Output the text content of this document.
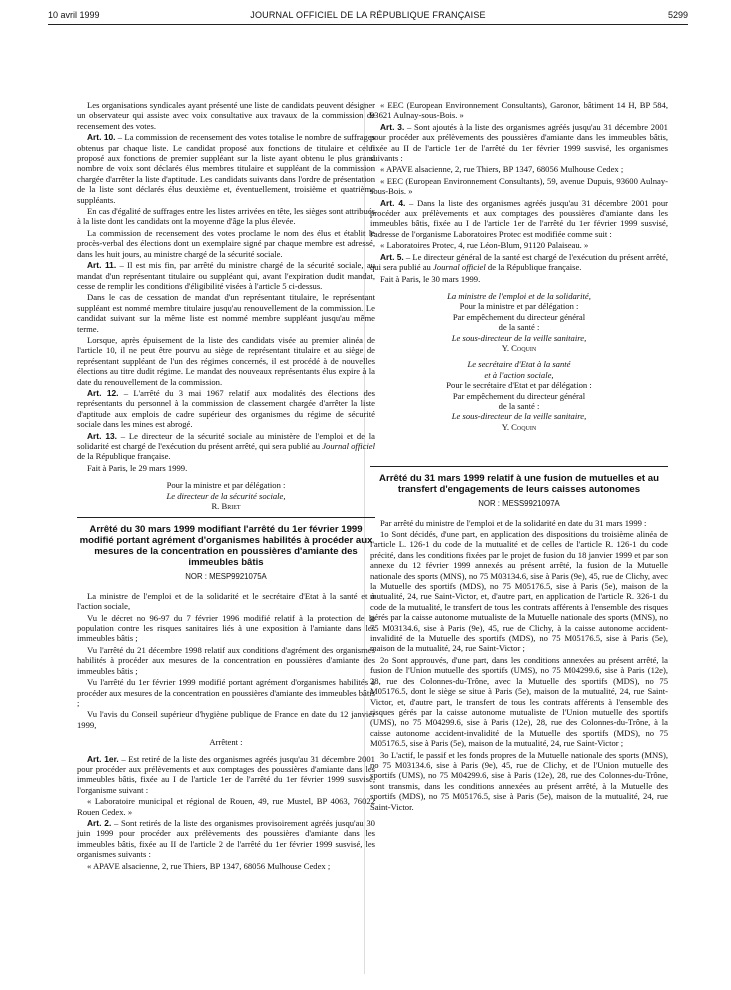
10 avril 1999	JOURNAL OFFICIEL DE LA RÉPUBLIQUE FRANÇAISE	5299

Les organisations syndicales ayant présenté une liste de candidats peuvent désigner un observateur qui assiste avec voix consultative aux travaux de la commission de recensement des votes.

Art. 10. – La commission de recensement des votes totalise le nombre de suffrages obtenus par chaque liste. Le candidat proposé aux fonctions de titulaire et celui proposé aux fonctions de premier suppléant sur la liste ayant obtenu le plus grand nombre de voix sont déclarés élus membres titulaire et suppléant de la commission chargée d'arrêter la liste d'aptitude. Les candidats suivants dans l'ordre de présentation de la liste sont déclarés élus deuxième et, éventuellement, troisième et quatrième suppléants.

En cas d'égalité de suffrages entre les listes arrivées en tête, les sièges sont attribués à la liste dont les candidats ont la moyenne d'âge la plus élevée.

La commission de recensement des votes proclame le nom des élus et établit le procès-verbal des élections dont un exemplaire signé par chaque membre est adressé, dans les huit jours, au ministre chargé de la sécurité sociale.

Art. 11. – Il est mis fin, par arrêté du ministre chargé de la sécurité sociale, au mandat d'un représentant titulaire ou suppléant qui, avant l'expiration dudit mandat, cesse de remplir les conditions d'éligibilité visées à l'article 5 ci-dessus.

Dans le cas de cessation de mandat d'un représentant titulaire, le représentant suppléant est nommé membre titulaire jusqu'au renouvellement de la commission. Le candidat suivant sur la même liste est nommé membre suppléant jusqu'au même terme.

Lorsque, après épuisement de la liste des candidats visée au premier alinéa de l'article 10, il ne peut être pourvu au siège de représentant titulaire et au siège de représentant suppléant de l'un des régimes concernés, il est procédé à de nouvelles élections au titre dudit régime. Le mandat des nouveaux représentants élus expire à la date du renouvellement de la commission.

Art. 12. – L'arrêté du 3 mai 1967 relatif aux modalités des élections des représentants du personnel à la commission de classement chargée d'arrêter la liste d'aptitude aux emplois de cadre supérieur des organismes du régime de sécurité sociale dans les mines est abrogé.

Art. 13. – Le directeur de la sécurité sociale au ministère de l'emploi et de la solidarité est chargé de l'exécution du présent arrêté, qui sera publié au Journal officiel de la République française.

Fait à Paris, le 29 mars 1999.

Pour la ministre et par délégation :
Le directeur de la sécurité sociale,
R. Briet
Arrêté du 30 mars 1999 modifiant l'arrêté du 1er février 1999 modifié portant agrément d'organismes habilités à procéder aux mesures de la concentration en poussières d'amiante des immeubles bâtis
NOR : MESP9921075A

La ministre de l'emploi et de la solidarité et le secrétaire d'Etat à la santé et à l'action sociale,

Vu le décret no 96-97 du 7 février 1996 modifié relatif à la protection de la population contre les risques sanitaires liés à une exposition à l'amiante dans les immeubles bâtis ;

Vu l'arrêté du 21 décembre 1998 relatif aux conditions d'agrément des organismes habilités à procéder aux mesures de la concentration en poussières d'amiante des immeubles bâtis ;

Vu l'arrêté du 1er février 1999 modifié portant agrément d'organismes habilités à procéder aux mesures de la concentration en poussières d'amiante des immeubles bâtis ;

Vu l'avis du Conseil supérieur d'hygiène publique de France en date du 12 janvier 1999,

Arrêtent :

Art. 1er. – Est retiré de la liste des organismes agréés jusqu'au 31 décembre 2001 pour procéder aux prélèvements et aux comptages des poussières d'amiante dans les immeubles bâtis, fixée au I de l'article 1er de l'arrêté du 1er février 1999 susvisé, l'organisme suivant :

« Laboratoire municipal et régional de Rouen, 49, rue Mustel, BP 4063, 76022 Rouen Cedex. »

Art. 2. – Sont retirés de la liste des organismes provisoirement agréés jusqu'au 30 juin 1999 pour procéder aux prélèvements des poussières d'amiante dans les immeubles bâtis, fixée au II de l'article 2 de l'arrêté du 1er février 1999 susvisé, les organismes suivants :

« APAVE alsacienne, 2, rue Thiers, BP 1347, 68056 Mulhouse Cedex ;

« EEC (European Environnement Consultants), Garonor, bâtiment 14 H, BP 584, 93621 Aulnay-sous-Bois. »

Art. 3. – Sont ajoutés à la liste des organismes agréés jusqu'au 31 décembre 2001 pour procéder aux prélèvements des poussières d'amiante dans les immeubles bâtis, fixée au II de l'article 1er de l'arrêté du 1er février 1999 susvisé, les organismes suivants :

« APAVE alsacienne, 2, rue Thiers, BP 1347, 68056 Mulhouse Cedex ;

« EEC (European Environnement Consultants), 59, avenue Dupuis, 93600 Aulnay-sous-Bois. »

Art. 4. – Dans la liste des organismes agréés jusqu'au 31 décembre 2001 pour procéder aux prélèvements et aux comptages des poussières d'amiante dans les immeubles bâtis, fixée au I de l'article 1er de l'arrêté du 1er février 1999 susvisé, l'adresse de l'organisme Laboratoires Protec est modifiée comme suit :

« Laboratoires Protec, 4, rue Léon-Blum, 91120 Palaiseau. »

Art. 5. – Le directeur général de la santé est chargé de l'exécution du présent arrêté, qui sera publié au Journal officiel de la République française.

Fait à Paris, le 30 mars 1999.

La ministre de l'emploi et de la solidarité,
Pour la ministre et par délégation :
Par empêchement du directeur général
de la santé :
Le sous-directeur de la veille sanitaire,
Y. Coquin
Le secrétaire d'Etat à la santé
et à l'action sociale,
Pour le secrétaire d'Etat et par délégation :
Par empêchement du directeur général
de la santé :
Le sous-directeur de la veille sanitaire,
Y. Coquin
Arrêté du 31 mars 1999 relatif à une fusion de mutuelles et au transfert d'engagements de leurs caisses autonomes
NOR : MESS9921097A

Par arrêté du ministre de l'emploi et de la solidarité en date du 31 mars 1999 :

1o Sont décidés, d'une part, en application des dispositions du troisième alinéa de l'article L. 126-1 du code de la mutualité et de celles de l'article R. 126-1 du code précité, dans les conditions fixées par le projet de fusion du 18 janvier 1999 et par son annexe du 12 février 1999 annexés au présent arrêté, la fusion de la Mutuelle nationale des sports (MNS), no 75 M03134.6, sise à Paris (9e), 45, rue de Clichy, avec la Mutuelle des sportifs (MDS), no 75 M05176.5, sise à Paris (5e), maison de la mutualité, 24, rue Saint-Victor, et, d'autre part, en application de l'article R. 326-1 du code de la mutualité, le transfert de tous les contrats afférents à l'ensemble des risques gérés par la caisse autonome mutualiste de la Mutuelle nationale des sports (MNS), no 75 M03134.6, sise à Paris (9e), 45, rue de Clichy, à la caisse autonome accident-invalidité de la Mutuelle des sportifs (MDS), no 75 M05176.5, sise à Paris (5e), maison de la mutualité, 24, rue Saint-Victor ;

2o Sont approuvés, d'une part, dans les conditions annexées au présent arrêté, la fusion de l'Union mutuelle des sportifs (UMS), no 75 M04299.6, sise à Paris (12e), 28, rue des Colonnes-du-Trône, avec la Mutuelle des sportifs (MDS), no 75 M05176.5, dont le siège se situe à Paris (5e), maison de la mutualité, 24, rue Saint-Victor, et, d'autre part, le transfert de tous les contrats afférents à l'ensemble des risques gérés par la caisse autonome mutualiste de l'Union mutuelle des sportifs (UMS), no 75 M04299.6, sise à Paris (12e), 28, rue des Colonnes-du-Trône, à la caisse autonome accident-invalidité de la Mutuelle des sportifs (MDS), no 75 M05176.5, sise à Paris (5e), maison de la mutualité, 24, rue Saint-Victor ;

3o L'actif, le passif et les fonds propres de la Mutuelle nationale des sports (MNS), no 75 M03134.6, sise à Paris (9e), 45, rue de Clichy, et de l'Union mutuelle des sportifs (UMS), no 75 M04299.6, sise à Paris (12e), 28, rue des Colonnes-du-Trône, sont transmis, dans les conditions annexées au présent arrêté, à la Mutuelle des sportifs (MDS), no 75 M05176.5, sise à Paris (5e), maison de la mutualité, 24, rue Saint-Victor.
